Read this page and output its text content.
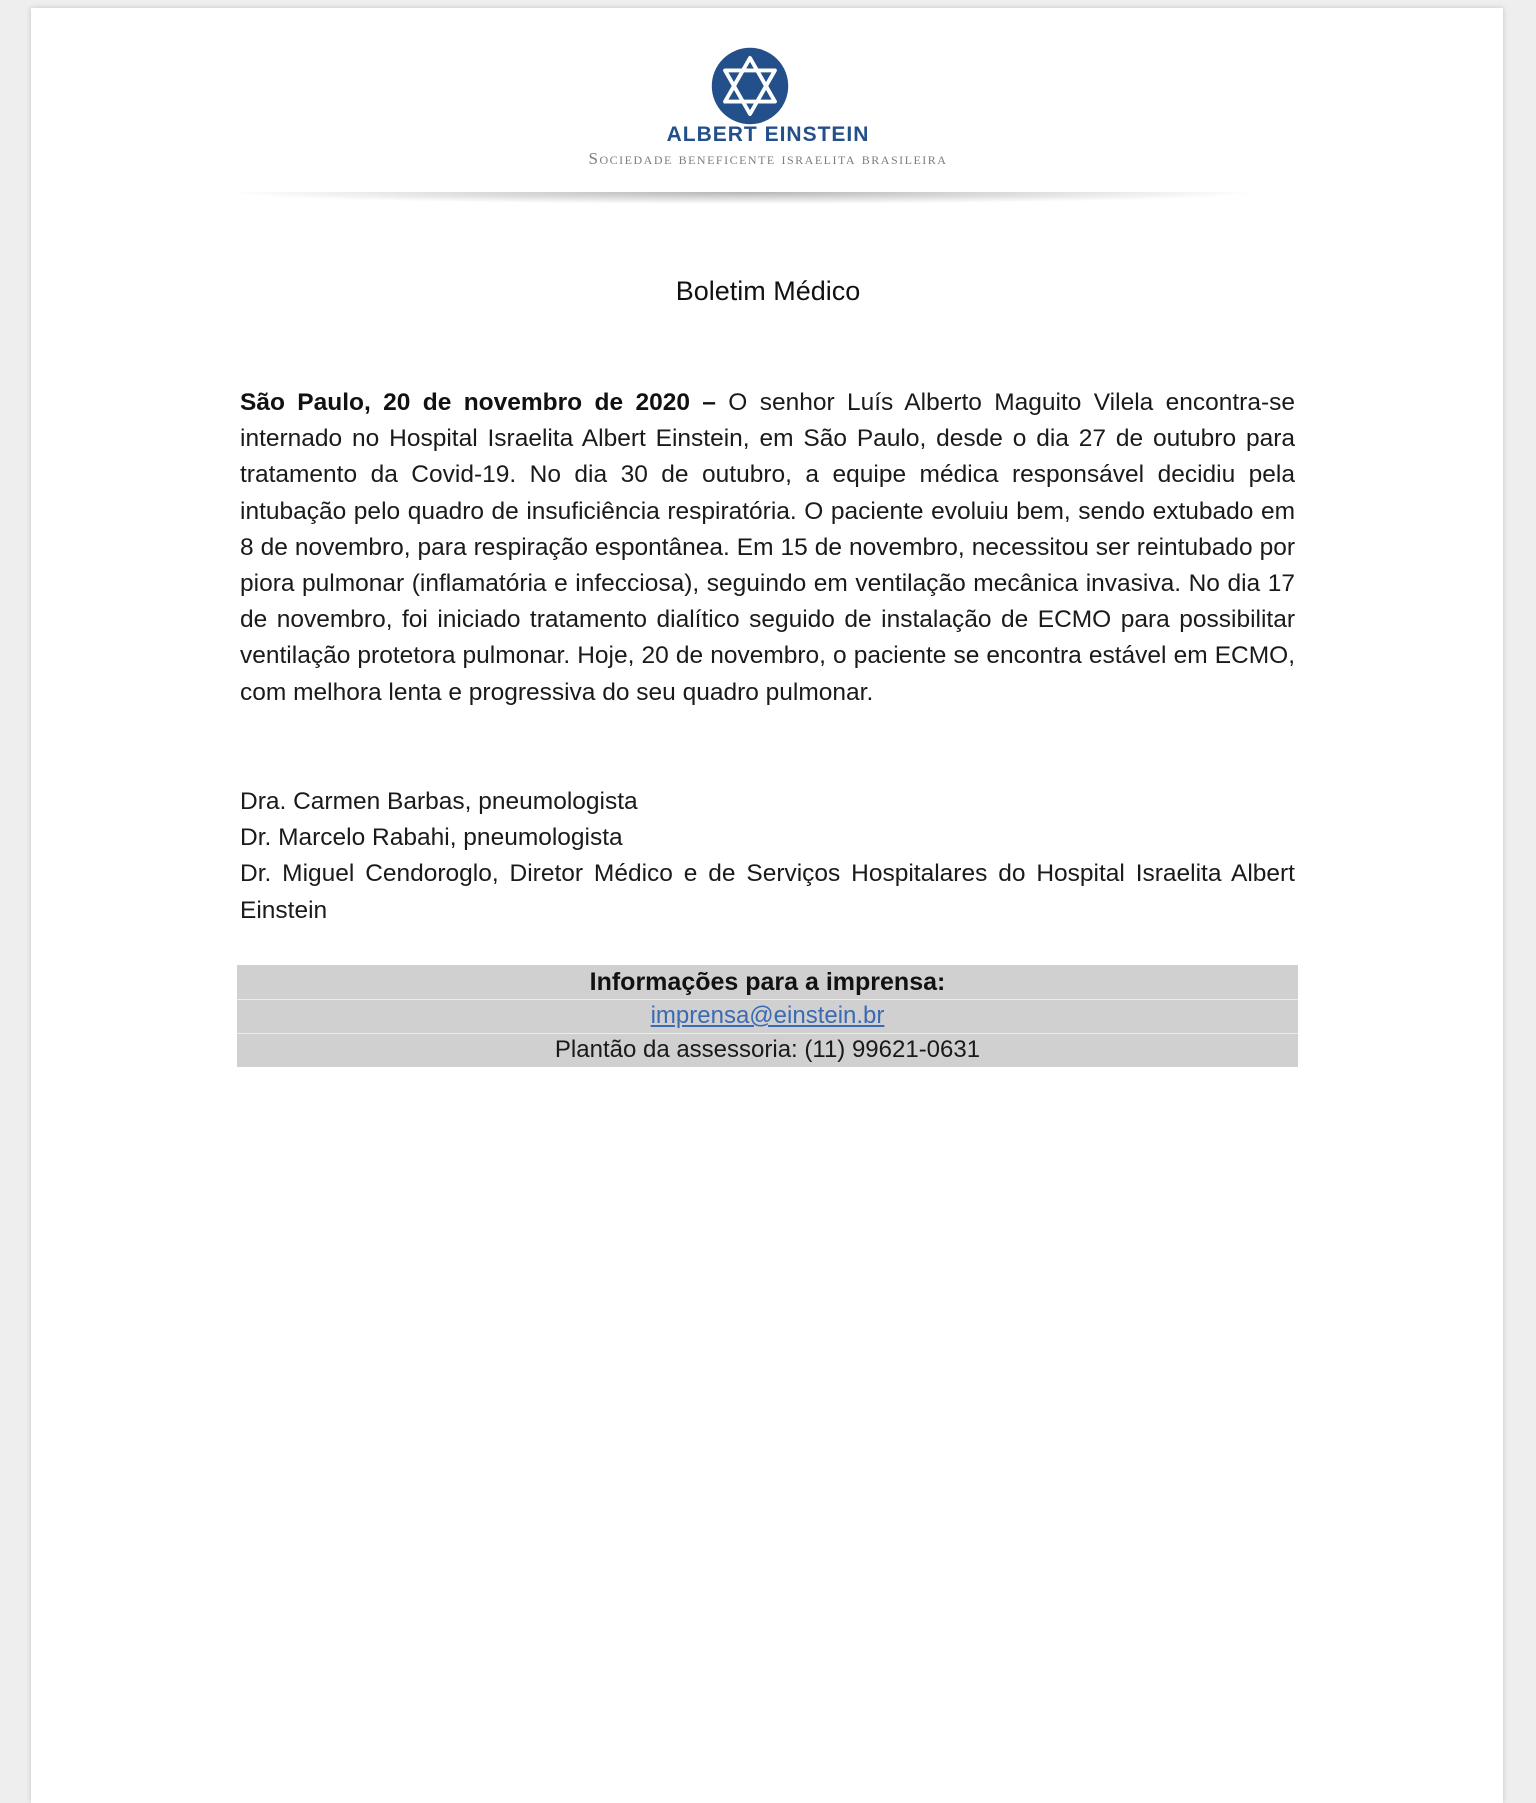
ALBERT EINSTEIN
Sociedade beneficente israelita brasileira
Boletim Médico

São Paulo, 20 de novembro de 2020 – O senhor Luís Alberto Maguito Vilela encontra-se internado no Hospital Israelita Albert Einstein, em São Paulo, desde o dia 27 de outubro para tratamento da Covid-19. No dia 30 de outubro, a equipe médica responsável decidiu pela intubação pelo quadro de insuficiência respiratória. O paciente evoluiu bem, sendo extubado em 8 de novembro, para respiração espontânea. Em 15 de novembro, necessitou ser reintubado por piora pulmonar (inflamatória e infecciosa), seguindo em ventilação mecânica invasiva. No dia 17 de novembro, foi iniciado tratamento dialítico seguido de instalação de ECMO para possibilitar ventilação protetora pulmonar. Hoje, 20 de novembro, o paciente se encontra estável em ECMO, com melhora lenta e progressiva do seu quadro pulmonar.

Dra. Carmen Barbas, pneumologista
Dr. Marcelo Rabahi, pneumologista
Dr. Miguel Cendoroglo, Diretor Médico e de Serviços Hospitalares do Hospital Israelita Albert Einstein
Informações para a imprensa:
imprensa@einstein.br
Plantão da assessoria: (11) 99621-0631
